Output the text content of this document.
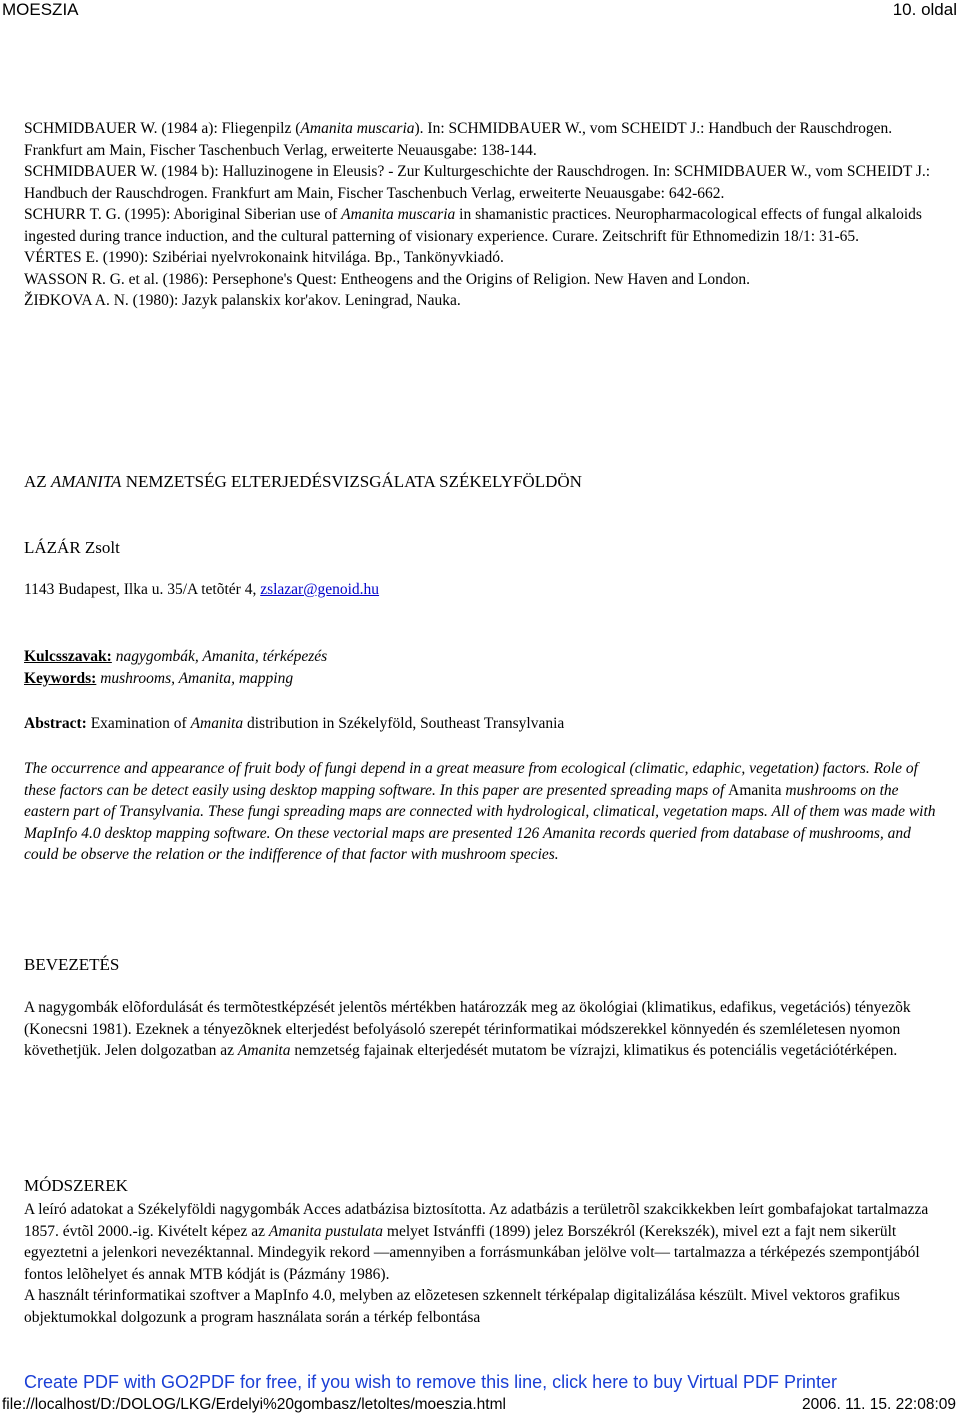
MOESZIA	10. oldal

SCHMIDBAUER W. (1984 a): Fliegenpilz (Amanita muscaria). In: SCHMIDBAUER W., vom SCHEIDT J.: Handbuch der Rauschdrogen. Frankfurt am Main, Fischer Taschenbuch Verlag, erweiterte Neuausgabe: 138-144.

SCHMIDBAUER W. (1984 b): Halluzinogene in Eleusis? - Zur Kulturgeschichte der Rauschdrogen. In: SCHMIDBAUER W., vom SCHEIDT J.: Handbuch der Rauschdrogen. Frankfurt am Main, Fischer Taschenbuch Verlag, erweiterte Neuausgabe: 642-662.

SCHURR T. G. (1995): Aboriginal Siberian use of Amanita muscaria in shamanistic practices. Neuropharmacological effects of fungal alkaloids ingested during trance induction, and the cultural patterning of visionary experience. Curare. Zeitschrift für Ethnomedizin 18/1: 31-65.

VÉRTES E. (1990): Szibériai nyelvrokonaink hitvilága. Bp., Tankönyvkiadó.

WASSON R. G. et al. (1986): Persephone's Quest: Entheogens and the Origins of Religion. New Haven and London.

ŽIÐKOVA A. N. (1980): Jazyk palanskix kor'akov. Leningrad, Nauka.

AZ AMANITA NEMZETSÉG ELTERJEDÉSVIZSGÁLATA SZÉKELYFÖLDÖN
LÁZÁR Zsolt
1143 Budapest, Ilka u. 35/A tetõtér 4, zslazar@genoid.hu
Kulcsszavak: nagygombák, Amanita, térképezés
Keywords: mushrooms, Amanita, mapping
Abstract: Examination of Amanita distribution in Székelyföld, Southeast Transylvania

The occurrence and appearance of fruit body of fungi depend in a great measure from ecological (climatic, edaphic, vegetation) factors. Role of these factors can be detect easily using desktop mapping software. In this paper are presented spreading maps of Amanita mushrooms on the eastern part of Transylvania. These fungi spreading maps are connected with hydrological, climatical, vegetation maps. All of them was made with MapInfo 4.0 desktop mapping software. On these vectorial maps are presented 126 Amanita records queried from database of mushrooms, and could be observe the relation or the indifference of that factor with mushroom species.

BEVEZETÉS

A nagygombák elõfordulását és termõtestképzését jelentõs mértékben határozzák meg az ökológiai (klimatikus, edafikus, vegetációs) tényezõk (Konecsni 1981). Ezeknek a tényezõknek elterjedést befolyásoló szerepét térinformatikai módszerekkel könnyedén és szemléletesen nyomon követhetjük. Jelen dolgozatban az Amanita nemzetség fajainak elterjedését mutatom be vízrajzi, klimatikus és potenciális vegetációtérképen.

MÓDSZEREK

A leíró adatokat a Székelyföldi nagygombák Acces adatbázisa biztosította. Az adatbázis a területrõl szakcikkekben leírt gombafajokat tartalmazza 1857. évtõl 2000.-ig. Kivételt képez az Amanita pustulata melyet Istvánffi (1899) jelez Borszékról (Kerekszék), mivel ezt a fajt nem sikerült egyeztetni a jelenkori nevezéktannal. Mindegyik rekord —amennyiben a forrásmunkában jelölve volt— tartalmazza a térképezés szempontjából fontos lelõhelyet és annak MTB kódját is (Pázmány 1986).

A használt térinformatikai szoftver a MapInfo 4.0, melyben az elõzetesen szkennelt térképalap digitalizálása készült. Mivel vektoros grafikus objektumokkal dolgozunk a program használata során a térkép felbontása

Create PDF with GO2PDF for free, if you wish to remove this line, click here to buy Virtual PDF Printer
file://localhost/D:/DOLOG/LKG/Erdelyi%20gombasz/letoltes/moeszia.html	2006. 11. 15. 22:08:09
